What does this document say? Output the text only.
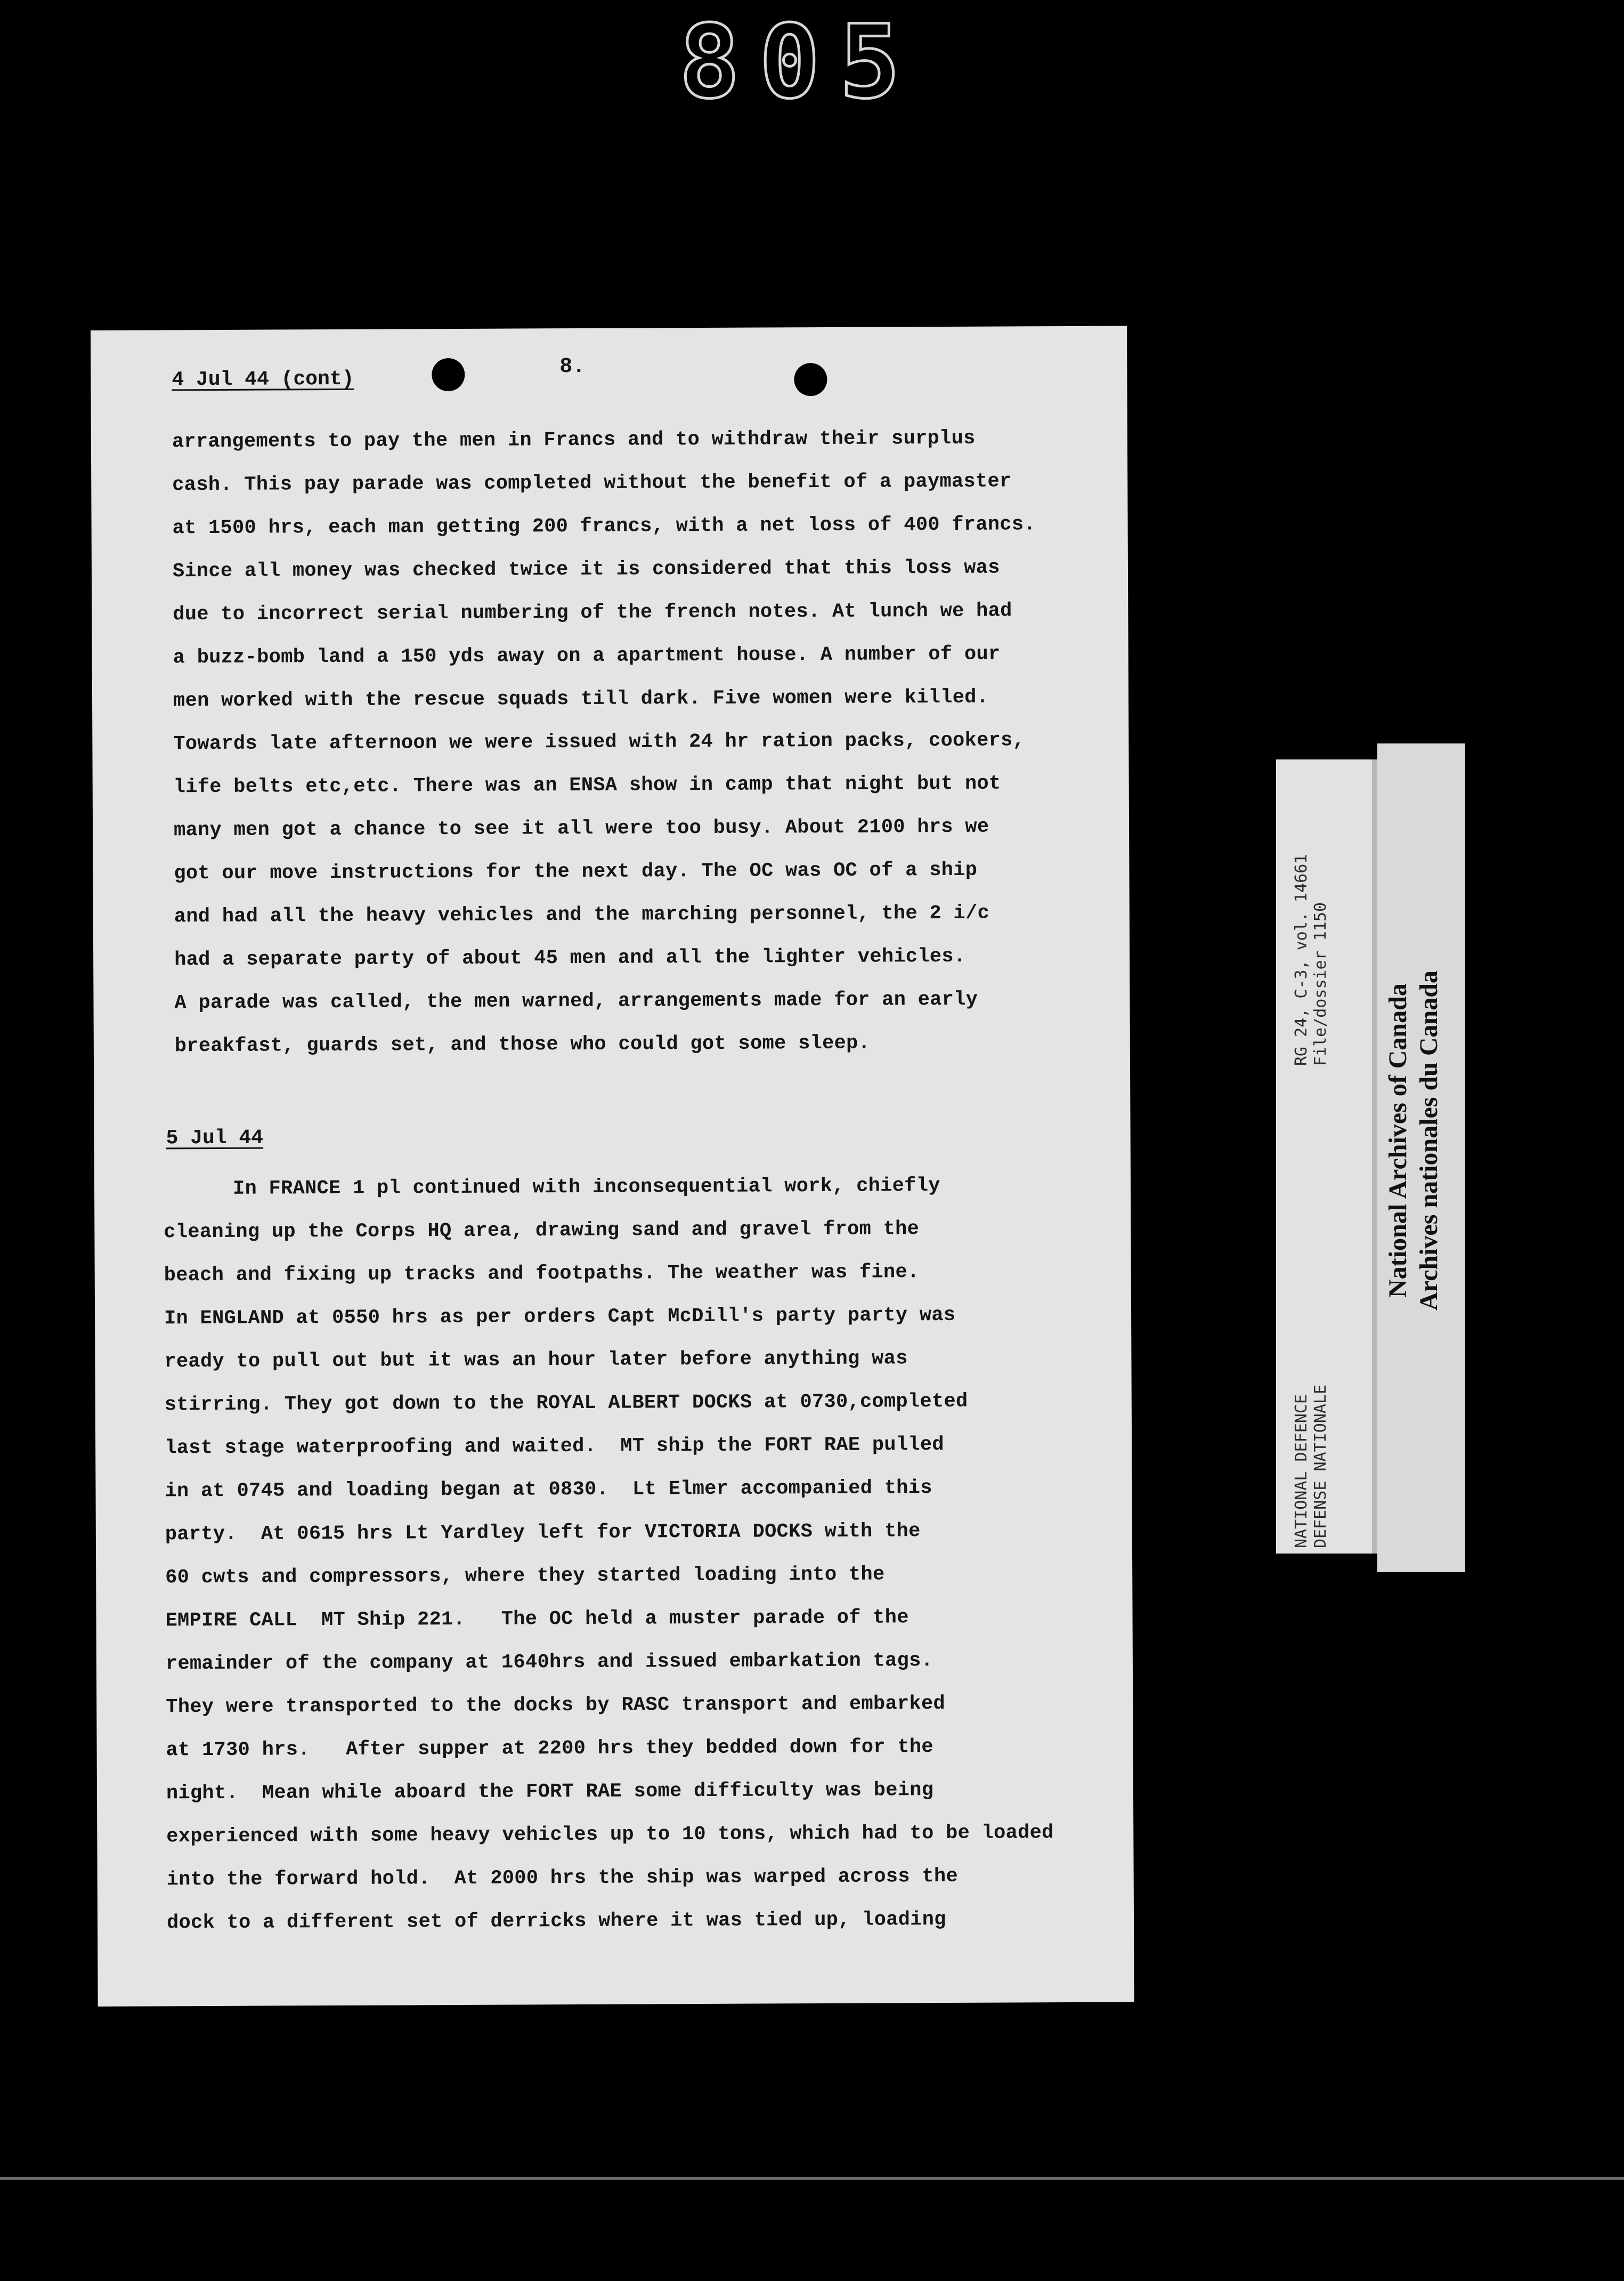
805
8.

4 Jul 44 (cont)

arrangements to pay the men in Francs and to withdraw their surplus
cash. This pay parade was completed without the benefit of a paymaster
at 1500 hrs, each man getting 200 francs, with a net loss of 400 francs.
Since all money was checked twice it is considered that this loss was
due to incorrect serial numbering of the french notes. At lunch we had
a buzz-bomb land a 150 yds away on a apartment house. A number of our
men worked with the rescue squads till dark. Five women were killed.
Towards late afternoon we were issued with 24 hr ration packs, cookers,
life belts etc,etc. There was an ENSA show in camp that night but not
many men got a chance to see it all were too busy. About 2100 hrs we
got our move instructions for the next day. The OC was OC of a ship
and had all the heavy vehicles and the marching personnel, the 2 i/c
had a separate party of about 45 men and all the lighter vehicles.
A parade was called, the men warned, arrangements made for an early
breakfast, guards set, and those who could got some sleep.

5 Jul 44

In FRANCE 1 pl continued with inconsequential work, chiefly
cleaning up the Corps HQ area, drawing sand and gravel from the
beach and fixing up tracks and footpaths. The weather was fine.
In ENGLAND at 0550 hrs as per orders Capt McDill's party party was
ready to pull out but it was an hour later before anything was
stirring. They got down to the ROYAL ALBERT DOCKS at 0730,completed
last stage waterproofing and waited.  MT ship the FORT RAE pulled
in at 0745 and loading began at 0830.  Lt Elmer accompanied this
party.  At 0615 hrs Lt Yardley left for VICTORIA DOCKS with the
60 cwts and compressors, where they started loading into the
EMPIRE CALL  MT Ship 221.   The OC held a muster parade of the
remainder of the company at 1640hrs and issued embarkation tags.
They were transported to the docks by RASC transport and embarked
at 1730 hrs.   After supper at 2200 hrs they bedded down for the
night.  Mean while aboard the FORT RAE some difficulty was being
experienced with some heavy vehicles up to 10 tons, which had to be loaded
into the forward hold.  At 2000 hrs the ship was warped across the
dock to a different set of derricks where it was tied up, loading
RG 24, C-3, vol. 14661 File/dossier 1150
NATIONAL DEFENCE DEFENSE NATIONALE
National Archives of Canada Archives nationales du Canada
